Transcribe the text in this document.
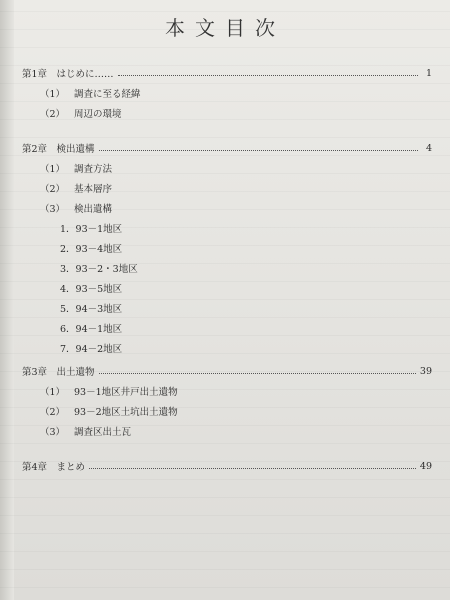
本文目次
第1章　はじめに……	1
（1） 調査に至る経緯
（2） 周辺の環境
第2章　検出遺構	4
（1） 調査方法
（2） 基本層序
（3） 検出遺構
1．93－1地区
2．93－4地区
3．93－2・3地区
4．93－5地区
5．94－3地区
6．94－1地区
7．94－2地区
第3章　出土遺物	39
（1） 93－1地区井戸出土遺物
（2） 93－2地区土坑出土遺物
（3） 調査区出土瓦
第4章　まとめ	49
